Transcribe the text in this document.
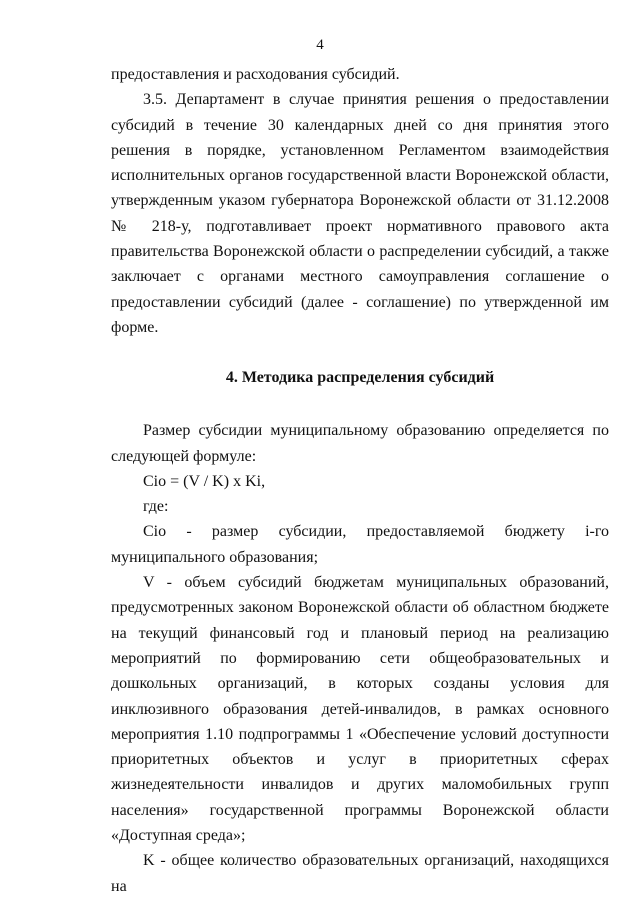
4

предоставления и расходования субсидий.

3.5. Департамент в случае принятия решения о предоставлении субсидий в течение 30 календарных дней со дня принятия этого решения в порядке, установленном Регламентом взаимодействия исполнительных органов государственной власти Воронежской области, утвержденным указом губернатора Воронежской области от 31.12.2008 № 218-у, подготавливает проект нормативного правового акта правительства Воронежской области о распределении субсидий, а также заключает с органами местного самоуправления соглашение о предоставлении субсидий (далее - соглашение) по утвержденной им форме.

4. Методика распределения субсидий

Размер субсидии муниципальному образованию определяется по следующей формуле:

Cio = (V / K) x Ki,

где:

Cio - размер субсидии, предоставляемой бюджету i-го муниципального образования;

V - объем субсидий бюджетам муниципальных образований, предусмотренных законом Воронежской области об областном бюджете на текущий финансовый год и плановый период на реализацию мероприятий по формированию сети общеобразовательных и дошкольных организаций, в которых созданы условия для инклюзивного образования детей-инвалидов, в рамках основного мероприятия 1.10 подпрограммы 1 «Обеспечение условий доступности приоритетных объектов и услуг в приоритетных сферах жизнедеятельности инвалидов и других маломобильных групп населения» государственной программы Воронежской области «Доступная среда»;

K - общее количество образовательных организаций, находящихся на
